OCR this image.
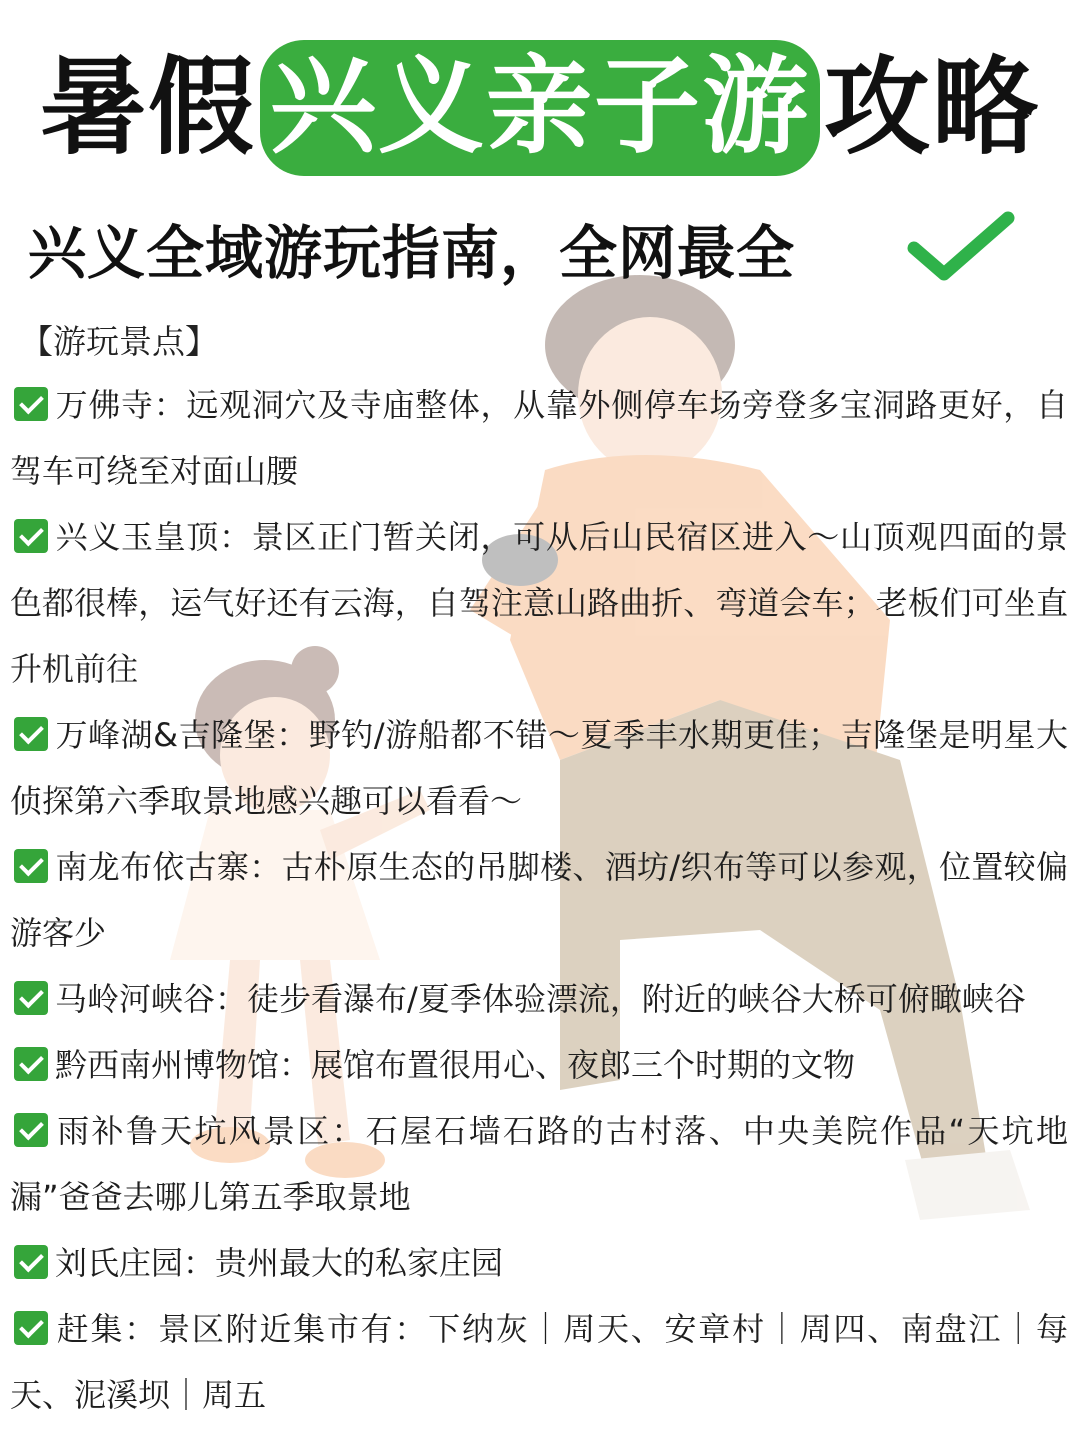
暑假 兴义亲子游 攻略
兴义全域游玩指南，全网最全
【游玩景点】

万佛寺：远观洞穴及寺庙整体，从靠外侧停车场旁登多宝洞路更好，自驾车可绕至对面山腰

兴义玉皇顶：景区正门暂关闭，可从后山民宿区进入～山顶观四面的景色都很棒，运气好还有云海，自驾注意山路曲折、弯道会车；老板们可坐直升机前往

万峰湖&吉隆堡：野钓/游船都不错～夏季丰水期更佳；吉隆堡是明星大侦探第六季取景地感兴趣可以看看～

南龙布依古寨：古朴原生态的吊脚楼、酒坊/织布等可以参观，位置较偏游客少

马岭河峡谷：徒步看瀑布/夏季体验漂流，附近的峡谷大桥可俯瞰峡谷

黔西南州博物馆：展馆布置很用心、夜郎三个时期的文物

雨补鲁天坑风景区：石屋石墙石路的古村落、中央美院作品“天坑地漏”爸爸去哪儿第五季取景地

刘氏庄园：贵州最大的私家庄园

赶集：景区附近集市有：下纳灰｜周天、安章村｜周四、南盘江｜每天、泥溪坝｜周五
